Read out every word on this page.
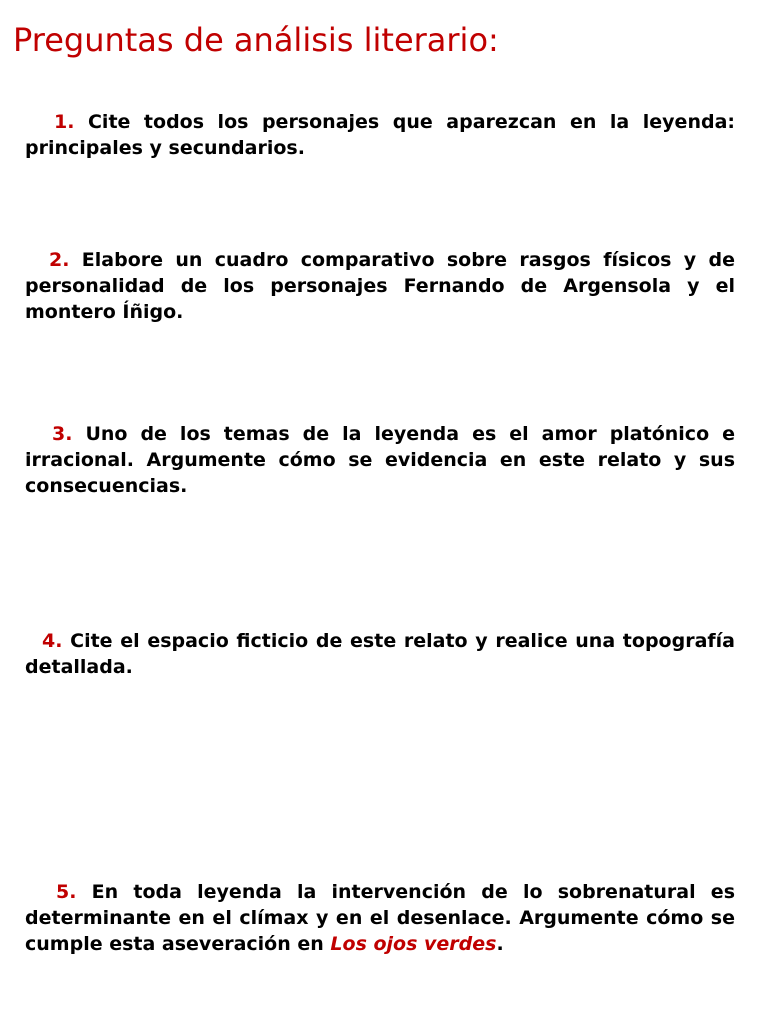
Preguntas de análisis literario:

1. Cite todos los personajes que aparezcan en la leyenda: principales y secundarios.

2. Elabore un cuadro comparativo sobre rasgos físicos y de personalidad de los personajes Fernando de Argensola y el montero Íñigo.

3. Uno de los temas de la leyenda es el amor platónico e irracional. Argumente cómo se evidencia en este relato y sus consecuencias.

4. Cite el espacio ficticio de este relato y realice una topografía detallada.

5. En toda leyenda la intervención de lo sobrenatural es determinante en el clímax y en el desenlace. Argumente cómo se cumple esta aseveración en Los ojos verdes.
